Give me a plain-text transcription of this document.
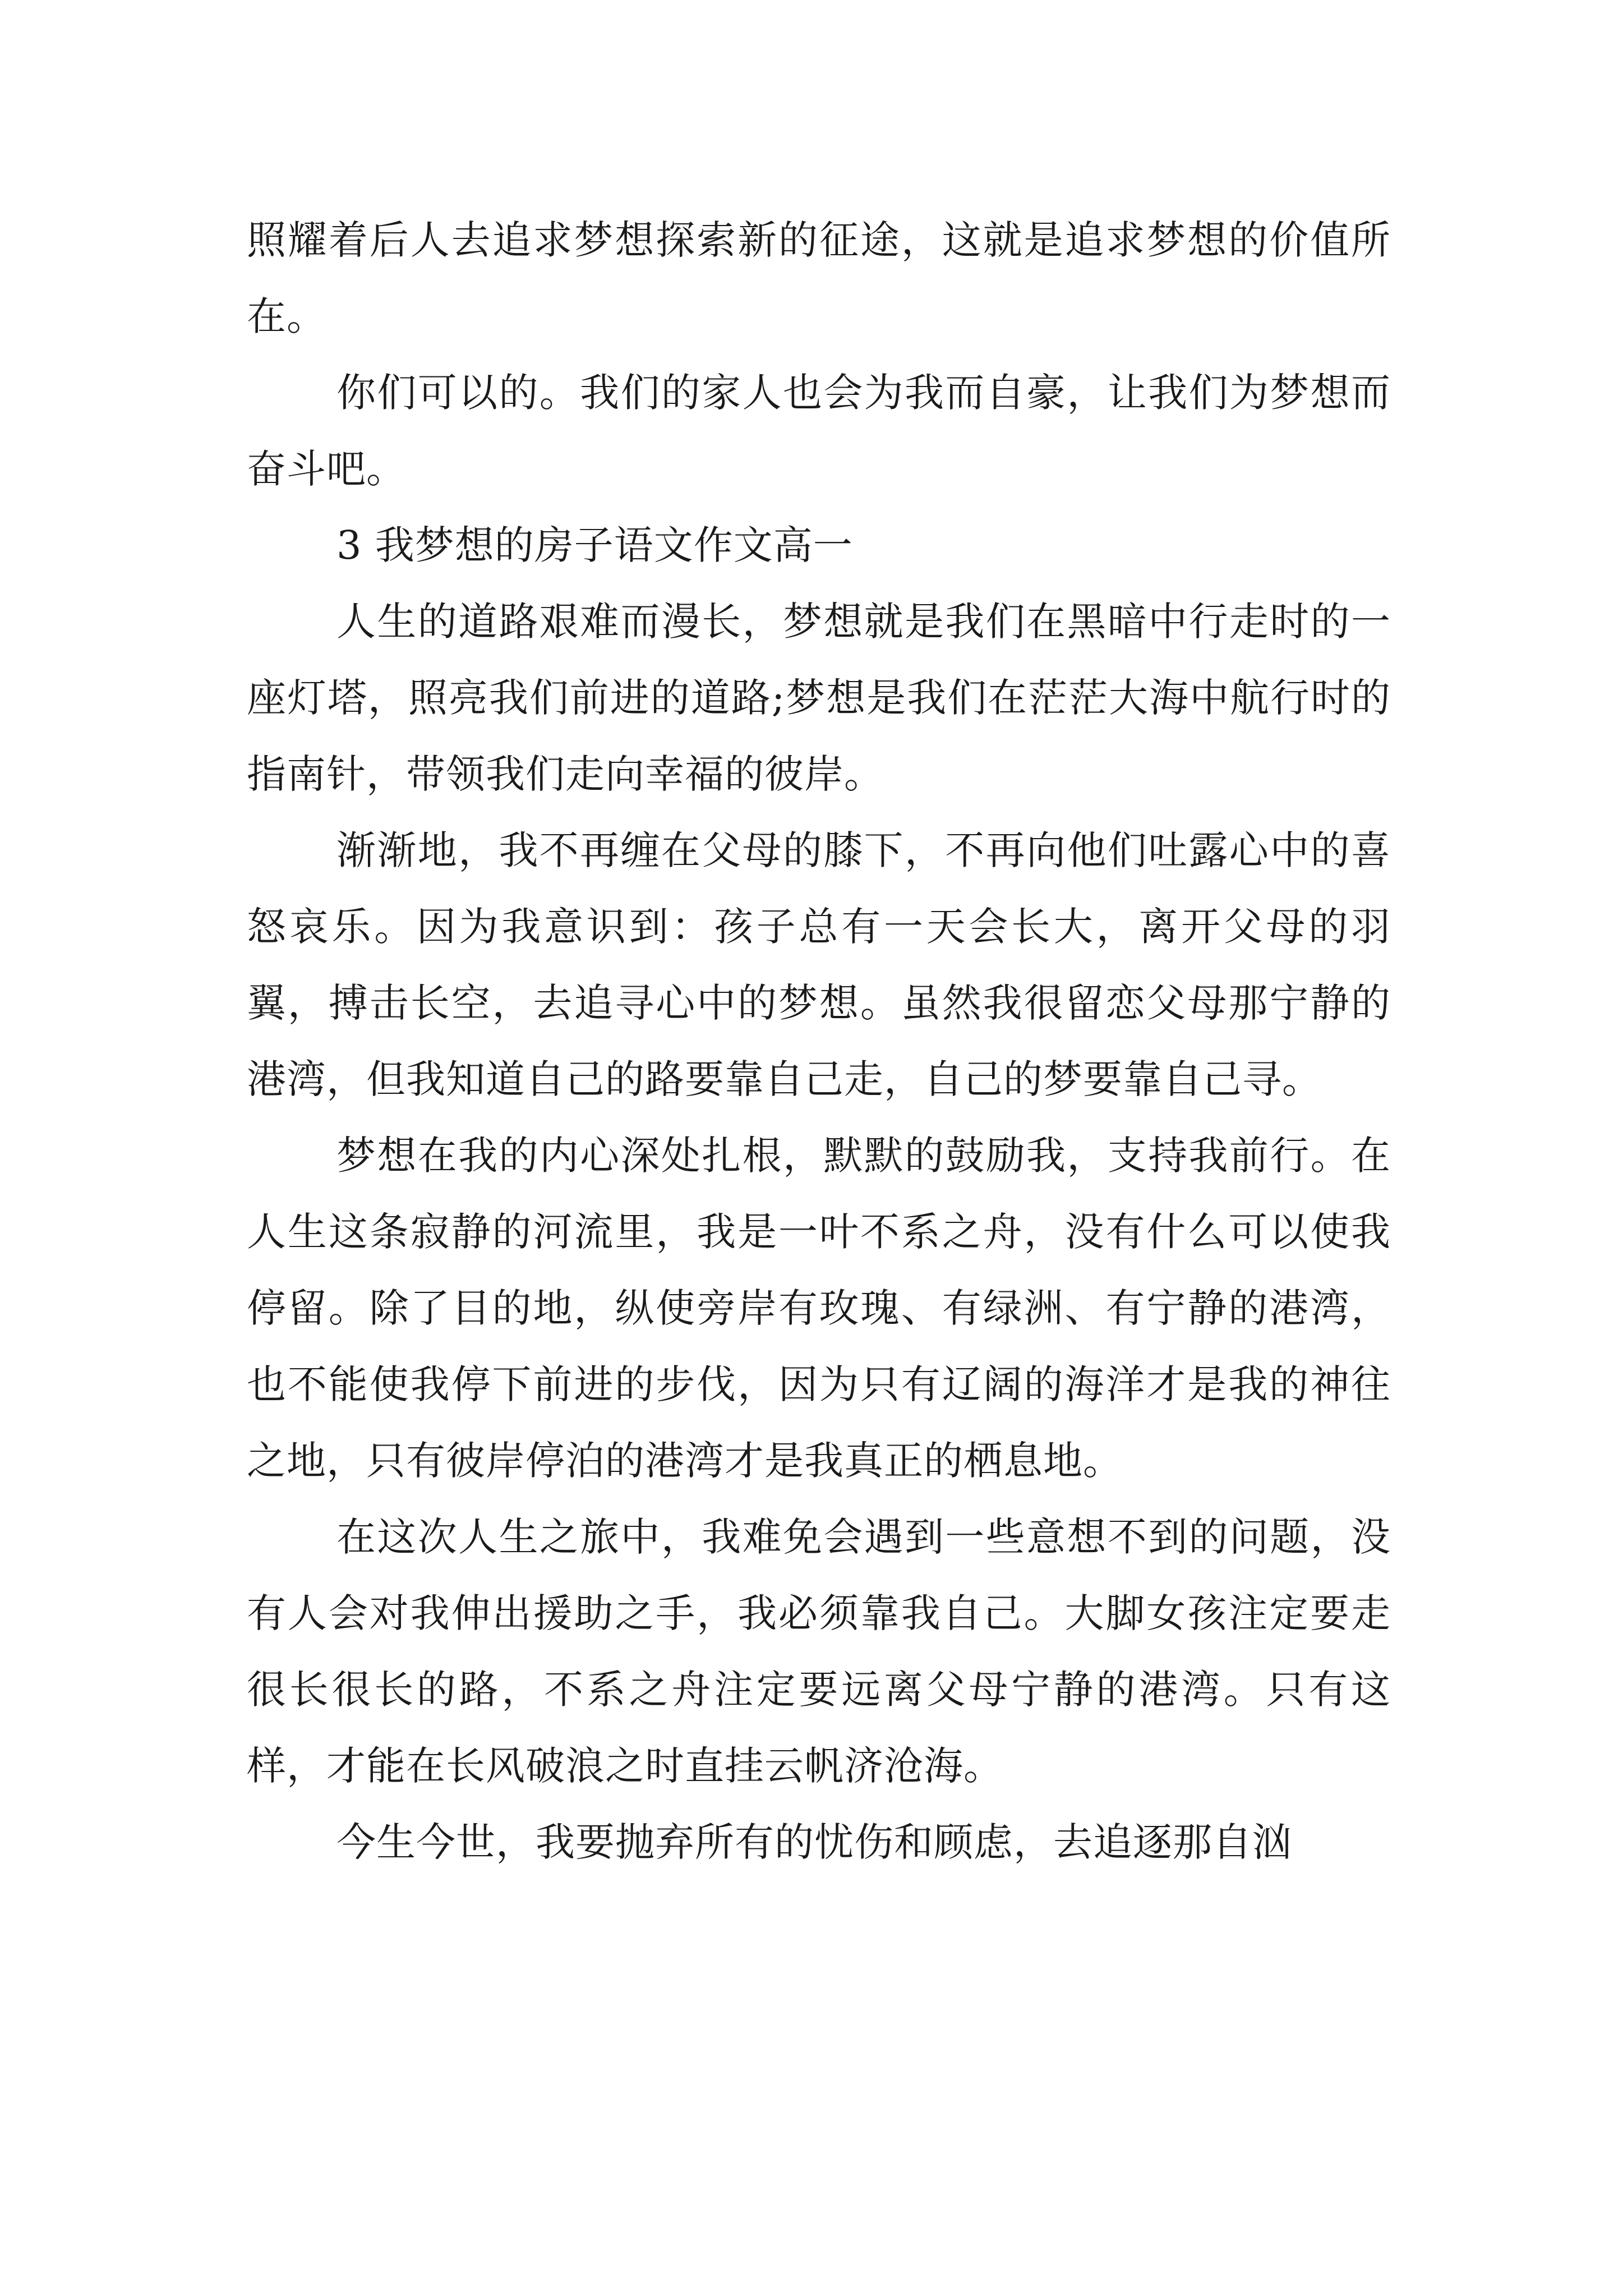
照耀着后人去追求梦想探索新的征途，这就是追求梦想的价值所在。

你们可以的。我们的家人也会为我而自豪，让我们为梦想而奋斗吧。

3 我梦想的房子语文作文高一

人生的道路艰难而漫长，梦想就是我们在黑暗中行走时的一座灯塔，照亮我们前进的道路;梦想是我们在茫茫大海中航行时的指南针，带领我们走向幸福的彼岸。

渐渐地，我不再缠在父母的膝下，不再向他们吐露心中的喜怒哀乐。因为我意识到：孩子总有一天会长大，离开父母的羽翼，搏击长空，去追寻心中的梦想。虽然我很留恋父母那宁静的港湾，但我知道自己的路要靠自己走，自己的梦要靠自己寻。

梦想在我的内心深处扎根，默默的鼓励我，支持我前行。在人生这条寂静的河流里，我是一叶不系之舟，没有什么可以使我停留。除了目的地，纵使旁岸有玫瑰、有绿洲、有宁静的港湾，也不能使我停下前进的步伐，因为只有辽阔的海洋才是我的神往之地，只有彼岸停泊的港湾才是我真正的栖息地。

在这次人生之旅中，我难免会遇到一些意想不到的问题，没有人会对我伸出援助之手，我必须靠我自己。大脚女孩注定要走很长很长的路，不系之舟注定要远离父母宁静的港湾。只有这样，才能在长风破浪之时直挂云帆济沧海。

今生今世，我要抛弃所有的忧伤和顾虑，去追逐那自汹
